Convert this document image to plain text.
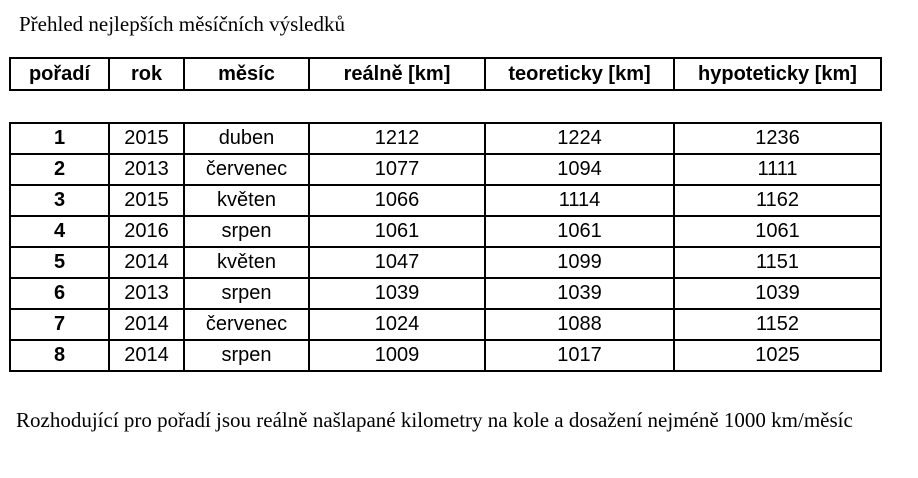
Přehled nejlepších měsíčních výsledků
pořadí	rok	měsíc	reálně [km]	teoreticky [km]	hypoteticky [km]
1	2015	duben	1212	1224	1236
2	2013	červenec	1077	1094	1111
3	2015	květen	1066	1114	1162
4	2016	srpen	1061	1061	1061
5	2014	květen	1047	1099	1151
6	2013	srpen	1039	1039	1039
7	2014	červenec	1024	1088	1152
8	2014	srpen	1009	1017	1025
Rozhodující pro pořadí jsou reálně našlapané kilometry na kole a dosažení nejméně 1000 km/měsíc
